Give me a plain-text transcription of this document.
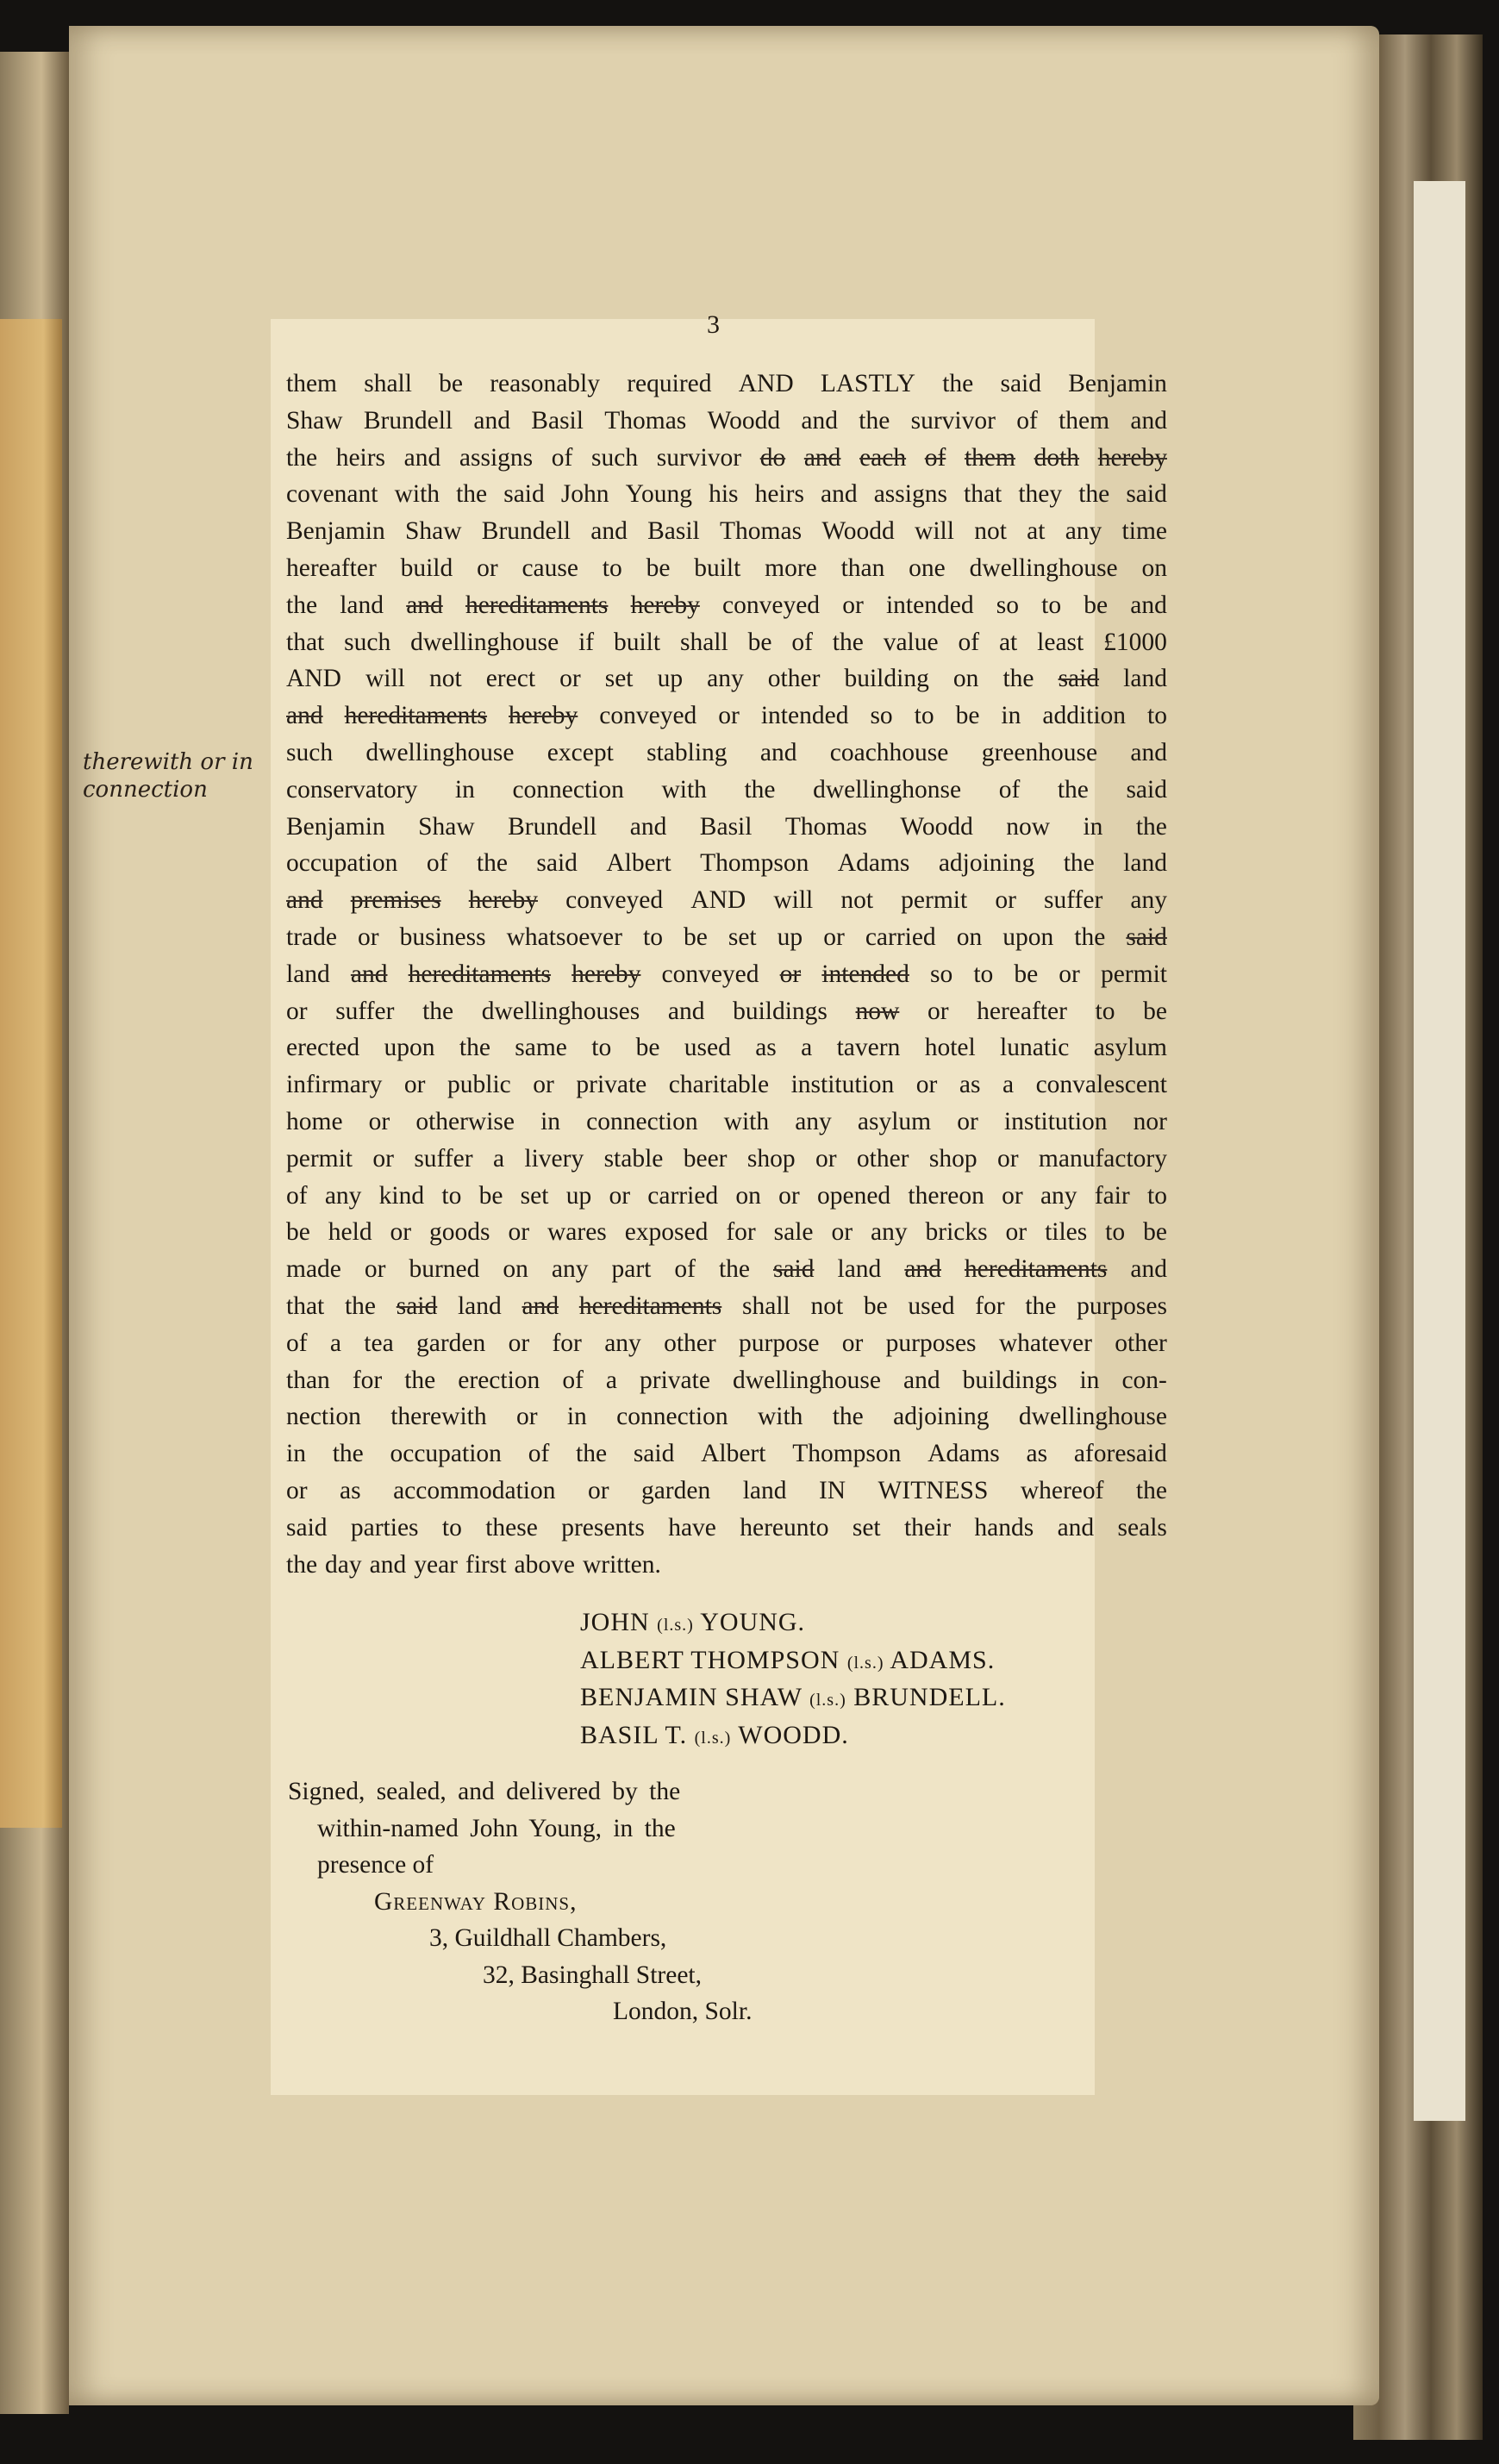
3
them shall be reasonably required AND LASTLY the said Benjamin
Shaw Brundell and Basil Thomas Woodd and the survivor of them and
the heirs and assigns of such survivor do and each of them doth hereby
covenant with the said John Young his heirs and assigns that they the said
Benjamin Shaw Brundell and Basil Thomas Woodd will not at any time
hereafter build or cause to be built more than one dwellinghouse on
the land and hereditaments hereby conveyed or intended so to be and
that such dwellinghouse if built shall be of the value of at least £1000
AND will not erect or set up any other building on the said land
and hereditaments hereby conveyed or intended so to be in addition to
such dwellinghouse except stabling and coachhouse greenhouse and
conservatory in connection with the dwellinghonse of the said
Benjamin Shaw Brundell and Basil Thomas Woodd now in the
occupation of the said Albert Thompson Adams adjoining the land
and premises hereby conveyed AND will not permit or suffer any
trade or business whatsoever to be set up or carried on upon the said
land and hereditaments hereby conveyed or intended so to be or permit
or suffer the dwellinghouses and buildings now or hereafter to be
erected upon the same to be used as a tavern hotel lunatic asylum
infirmary or public or private charitable institution or as a convalescent
home or otherwise in connection with any asylum or institution nor
permit or suffer a livery stable beer shop or other shop or manufactory
of any kind to be set up or carried on or opened thereon or any fair to
be held or goods or wares exposed for sale or any bricks or tiles to be
made or burned on any part of the said land and hereditaments and
that the said land and hereditaments shall not be used for the purposes
of a tea garden or for any other purpose or purposes whatever other
than for the erection of a private dwellinghouse and buildings in con-
nection therewith or in connection with the adjoining dwellinghouse
in the occupation of the said Albert Thompson Adams as aforesaid
or as accommodation or garden land IN WITNESS whereof the
said parties to these presents have hereunto set their hands and seals
the day and year first above written.
therewith or in connection
JOHN (l.s.) YOUNG.
ALBERT THOMPSON (l.s.) ADAMS.
BENJAMIN SHAW (l.s.) BRUNDELL.
BASIL T. (l.s.) WOODD.
Signed, sealed, and delivered by the
within-named John Young, in the
presence of
Greenway Robins,
3, Guildhall Chambers,
32, Basinghall Street,
London, Solr.
